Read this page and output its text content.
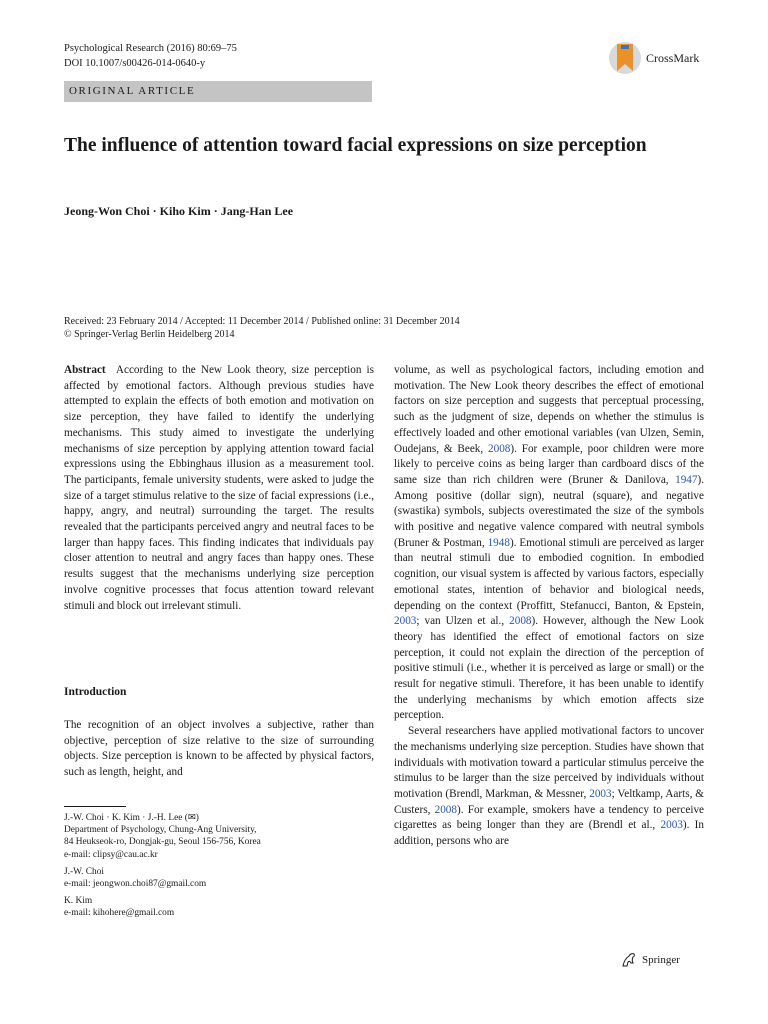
Psychological Research (2016) 80:69–75
DOI 10.1007/s00426-014-0640-y	CrossMark
ORIGINAL ARTICLE
The influence of attention toward facial expressions on size perception
Jeong-Won Choi · Kiho Kim · Jang-Han Lee
Received: 23 February 2014 / Accepted: 11 December 2014 / Published online: 31 December 2014
© Springer-Verlag Berlin Heidelberg 2014

Abstract According to the New Look theory, size perception is affected by emotional factors. Although previous studies have attempted to explain the effects of both emotion and motivation on size perception, they have failed to identify the underlying mechanisms. This study aimed to investigate the underlying mechanisms of size perception by applying attention toward facial expressions using the Ebbinghaus illusion as a measurement tool. The participants, female university students, were asked to judge the size of a target stimulus relative to the size of facial expressions (i.e., happy, angry, and neutral) surrounding the target. The results revealed that the participants perceived angry and neutral faces to be larger than happy faces. This finding indicates that individuals pay closer attention to neutral and angry faces than happy ones. These results suggest that the mechanisms underlying size perception involve cognitive processes that focus attention toward relevant stimuli and block out irrelevant stimuli.

Introduction

The recognition of an object involves a subjective, rather than objective, perception of size relative to the size of surrounding objects. Size perception is known to be affected by physical factors, such as length, height, and

J.-W. Choi · K. Kim · J.-H. Lee (✉)
Department of Psychology, Chung-Ang University,
84 Heukseok-ro, Dongjak-gu, Seoul 156-756, Korea
e-mail: clipsy@cau.ac.kr
J.-W. Choi
e-mail: jeongwon.choi87@gmail.com
K. Kim
e-mail: kihohere@gmail.com

volume, as well as psychological factors, including emotion and motivation. The New Look theory describes the effect of emotional factors on size perception and suggests that perceptual processing, such as the judgment of size, depends on whether the stimulus is effectively loaded and other emotional variables (van Ulzen, Semin, Oudejans, & Beek, 2008). For example, poor children were more likely to perceive coins as being larger than cardboard discs of the same size than rich children were (Bruner & Danilova, 1947). Among positive (dollar sign), neutral (square), and negative (swastika) symbols, subjects overestimated the size of the symbols with positive and negative valence compared with neutral symbols (Bruner & Postman, 1948). Emotional stimuli are perceived as larger than neutral stimuli due to embodied cognition. In embodied cognition, our visual system is affected by various factors, especially emotional states, intention of behavior and biological needs, depending on the context (Proffitt, Stefanucci, Banton, & Epstein, 2003; van Ulzen et al., 2008). However, although the New Look theory has identified the effect of emotional factors on size perception, it could not explain the direction of the perception of positive stimuli (i.e., whether it is perceived as large or small) or the result for negative stimuli. Therefore, it has been unable to identify the underlying mechanisms by which emotion affects size perception.

Several researchers have applied motivational factors to uncover the mechanisms underlying size perception. Studies have shown that individuals with motivation toward a particular stimulus perceive the stimulus to be larger than the size perceived by individuals without motivation (Brendl, Markman, & Messner, 2003; Veltkamp, Aarts, & Custers, 2008). For example, smokers have a tendency to perceive cigarettes as being longer than they are (Brendl et al., 2003). In addition, persons who are

Springer
